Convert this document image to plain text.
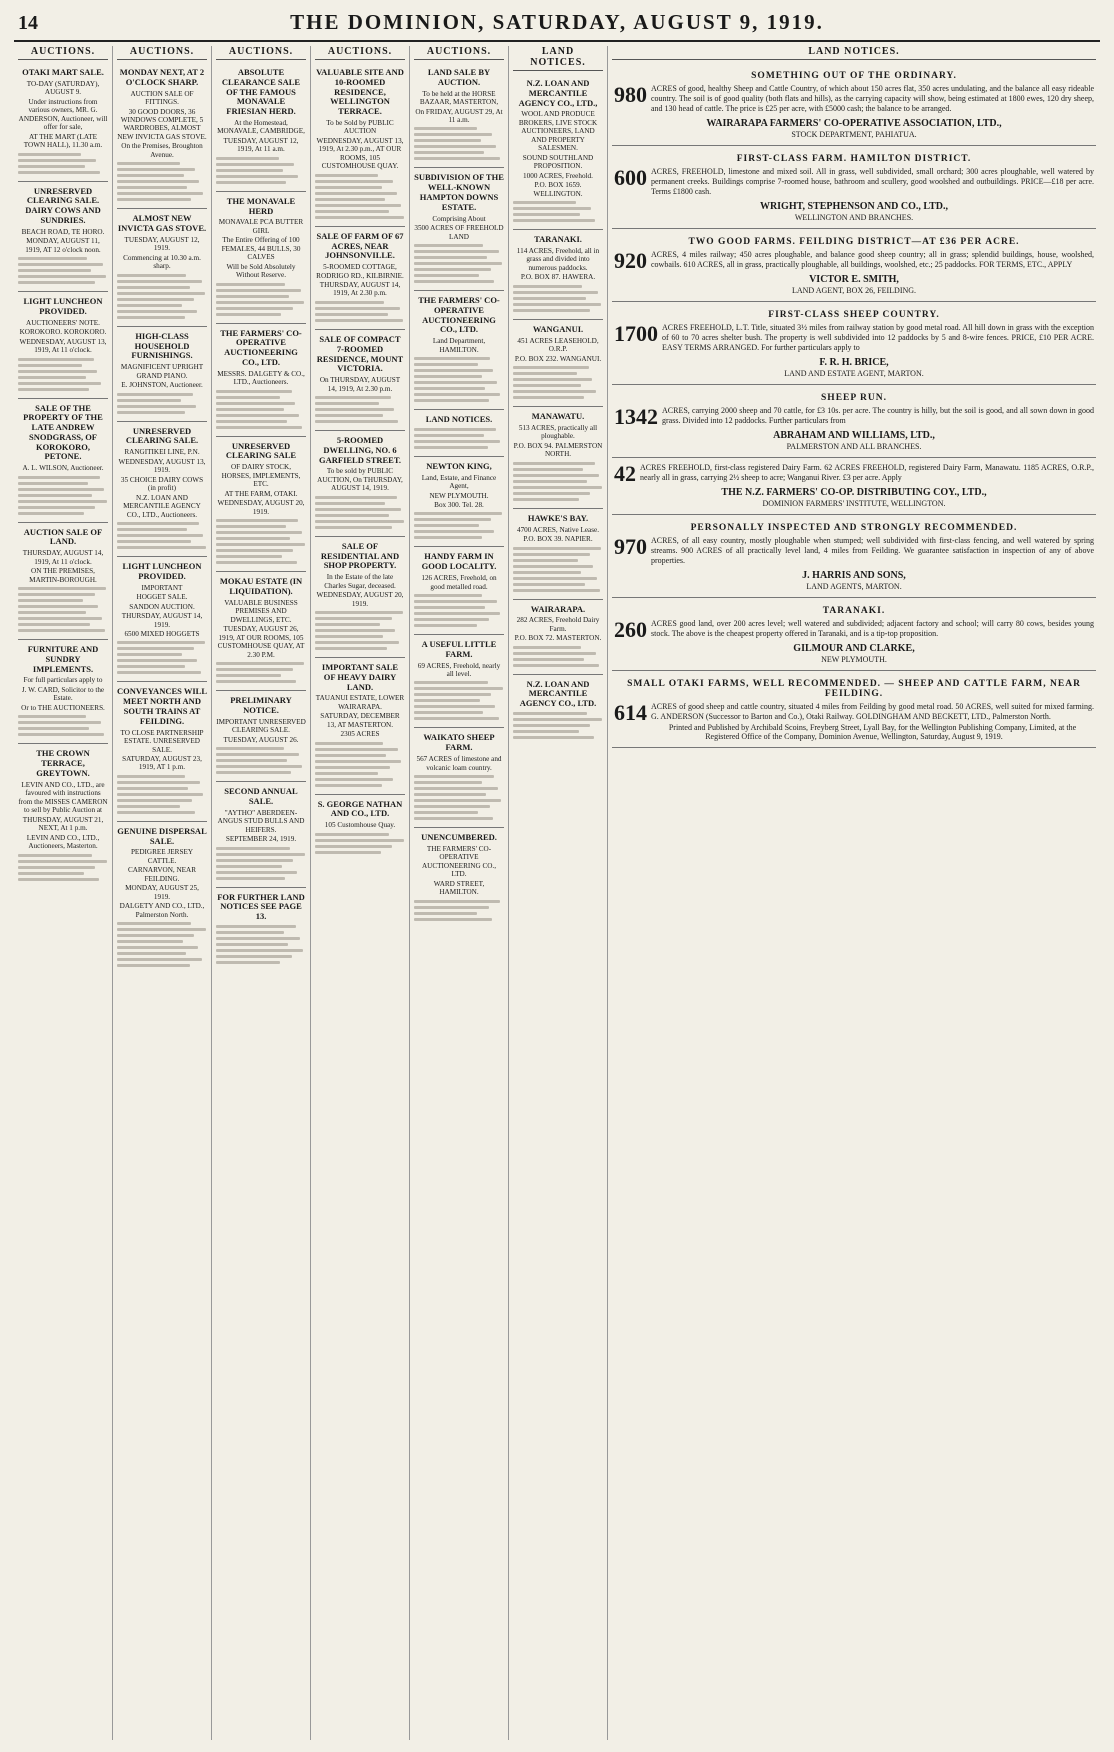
14	THE DOMINION, SATURDAY, AUGUST 9, 1919.
AUCTIONS.
OTAKI MART SALE.
TO-DAY (SATURDAY), AUGUST 9.
Under instructions from various owners, MR. G. ANDERSON, Auctioneer, will offer for sale,
AT THE MART (LATE TOWN HALL), 11.30 a.m.
UNRESERVED CLEARING SALE. DAIRY COWS AND SUNDRIES.
BEACH ROAD, TE HORO.
MONDAY, AUGUST 11, 1919, AT 12 o'clock noon.
LIGHT LUNCHEON PROVIDED.
AUCTIONEERS' NOTE.
KOROKORO. KOROKORO.
WEDNESDAY, AUGUST 13, 1919, At 11 o'clock.
SALE OF THE PROPERTY OF THE LATE ANDREW SNODGRASS, OF KOROKORO, PETONE.
A. L. WILSON, Auctioneer.
AUCTION SALE OF LAND.
THURSDAY, AUGUST 14, 1919, At 11 o'clock.
ON THE PREMISES, MARTIN-BOROUGH.
FURNITURE AND SUNDRY IMPLEMENTS.
For full particulars apply to
J. W. CARD, Solicitor to the Estate.
Or to THE AUCTIONEERS.
THE CROWN TERRACE, GREYTOWN.
LEVIN AND CO., LTD., are favoured with instructions from the MISSES CAMERON to sell by Public Auction at
THURSDAY, AUGUST 21, NEXT, At 1 p.m.
LEVIN AND CO., LTD., Auctioneers, Masterton.
AUCTIONS.
MONDAY NEXT, AT 2 O'CLOCK SHARP.
AUCTION SALE OF FITTINGS.
30 GOOD DOORS, 36 WINDOWS COMPLETE, 5 WARDROBES, ALMOST NEW INVICTA GAS STOVE.
On the Premises, Broughton Avenue.
ALMOST NEW INVICTA GAS STOVE.
TUESDAY, AUGUST 12, 1919.
Commencing at 10.30 a.m. sharp.
HIGH-CLASS HOUSEHOLD FURNISHINGS.
MAGNIFICENT UPRIGHT GRAND PIANO.
E. JOHNSTON, Auctioneer.
UNRESERVED CLEARING SALE.
RANGITIKEI LINE, P.N.
WEDNESDAY, AUGUST 13, 1919.
35 CHOICE DAIRY COWS (in profit)
N.Z. LOAN AND MERCANTILE AGENCY CO., LTD., Auctioneers.
LIGHT LUNCHEON PROVIDED.
IMPORTANT
HOGGET SALE.
SANDON AUCTION.
THURSDAY, AUGUST 14, 1919.
6500 MIXED HOGGETS
CONVEYANCES WILL MEET NORTH AND SOUTH TRAINS AT FEILDING.
TO CLOSE PARTNERSHIP ESTATE. UNRESERVED SALE.
SATURDAY, AUGUST 23, 1919, AT 1 p.m.
GENUINE DISPERSAL SALE.
PEDIGREE JERSEY CATTLE.
CARNARVON, NEAR FEILDING.
MONDAY, AUGUST 25, 1919.
DALGETY AND CO., LTD., Palmerston North.
AUCTIONS.
ABSOLUTE CLEARANCE SALE OF THE FAMOUS MONAVALE FRIESIAN HERD.
At the Homestead, MONAVALE, CAMBRIDGE,
TUESDAY, AUGUST 12, 1919, At 11 a.m.
THE MONAVALE HERD
MONAVALE PCA BUTTER GIRL
The Entire Offering of 100 FEMALES, 44 BULLS, 30 CALVES
Will be Sold Absolutely Without Reserve.
THE FARMERS' CO-OPERATIVE AUCTIONEERING CO., LTD.
MESSRS. DALGETY & CO., LTD., Auctioneers.
UNRESERVED CLEARING SALE
OF DAIRY STOCK, HORSES, IMPLEMENTS, ETC.
AT THE FARM, OTAKI.
WEDNESDAY, AUGUST 20, 1919.
MOKAU ESTATE (IN LIQUIDATION).
VALUABLE BUSINESS PREMISES AND DWELLINGS, ETC.
TUESDAY, AUGUST 26, 1919, AT OUR ROOMS, 105 CUSTOMHOUSE QUAY, AT 2.30 P.M.
PRELIMINARY NOTICE.
IMPORTANT UNRESERVED CLEARING SALE.
TUESDAY, AUGUST 26.
SECOND ANNUAL SALE.
"AYTHO" ABERDEEN-ANGUS STUD BULLS AND HEIFERS.
SEPTEMBER 24, 1919.
FOR FURTHER LAND NOTICES SEE PAGE 13.
AUCTIONS.
VALUABLE SITE AND 10-ROOMED RESIDENCE, WELLINGTON TERRACE.
To be Sold by PUBLIC AUCTION
WEDNESDAY, AUGUST 13, 1919, At 2.30 p.m., AT OUR ROOMS, 105 CUSTOMHOUSE QUAY.
SALE OF FARM OF 67 ACRES, NEAR JOHNSONVILLE.
5-ROOMED COTTAGE, RODRIGO RD., KILBIRNIE.
THURSDAY, AUGUST 14, 1919, At 2.30 p.m.
SALE OF COMPACT 7-ROOMED RESIDENCE, MOUNT VICTORIA.
On THURSDAY, AUGUST 14, 1919, At 2.30 p.m.
5-ROOMED DWELLING, NO. 6 GARFIELD STREET.
To be sold by PUBLIC AUCTION, On THURSDAY, AUGUST 14, 1919.
SALE OF RESIDENTIAL AND SHOP PROPERTY.
In the Estate of the late Charles Sugar, deceased.
WEDNESDAY, AUGUST 20, 1919.
IMPORTANT SALE OF HEAVY DAIRY LAND.
TAUANUI ESTATE, LOWER WAIRARAPA.
SATURDAY, DECEMBER 13, AT MASTERTON.
2305 ACRES
S. GEORGE NATHAN AND CO., LTD.
105 Customhouse Quay.
AUCTIONS.
LAND SALE BY AUCTION.
To be held at the HORSE BAZAAR, MASTERTON,
On FRIDAY, AUGUST 29, At 11 a.m.
SUBDIVISION OF THE WELL-KNOWN HAMPTON DOWNS ESTATE.
Comprising About
3500 ACRES OF FREEHOLD LAND
THE FARMERS' CO-OPERATIVE AUCTIONEERING CO., LTD.
Land Department, HAMILTON.
LAND NOTICES.
NEWTON KING,
Land, Estate, and Finance Agent,
NEW PLYMOUTH.
Box 300. Tel. 28.
HANDY FARM IN GOOD LOCALITY.
126 ACRES, Freehold, on good metalled road.
A USEFUL LITTLE FARM.
69 ACRES, Freehold, nearly all level.
WAIKATO SHEEP FARM.
567 ACRES of limestone and volcanic loam country.
UNENCUMBERED.
THE FARMERS' CO-OPERATIVE AUCTIONEERING CO., LTD.
WARD STREET, HAMILTON.
LAND NOTICES.
N.Z. LOAN AND MERCANTILE AGENCY CO., LTD.,
WOOL AND PRODUCE BROKERS, LIVE STOCK AUCTIONEERS, LAND AND PROPERTY SALESMEN.
SOUND SOUTHLAND PROPOSITION.
1000 ACRES, Freehold.
P.O. BOX 1659. WELLINGTON.
TARANAKI.
114 ACRES, Freehold, all in grass and divided into numerous paddocks.
P.O. BOX 87. HAWERA.
WANGANUI.
451 ACRES LEASEHOLD, O.R.P.
P.O. BOX 232. WANGANUI.
MANAWATU.
513 ACRES, practically all ploughable.
P.O. BOX 94. PALMERSTON NORTH.
HAWKE'S BAY.
4700 ACRES, Native Lease.
P.O. BOX 39. NAPIER.
WAIRARAPA.
282 ACRES, Freehold Dairy Farm.
P.O. BOX 72. MASTERTON.
N.Z. LOAN AND MERCANTILE AGENCY CO., LTD.
LAND NOTICES.
SOMETHING OUT OF THE ORDINARY.
980 ACRES of good, healthy Sheep and Cattle Country, of which about 150 acres flat, 350 acres undulating, and the balance all easy rideable country. The soil is of good quality (both flats and hills), as the carrying capacity will show, being estimated at 1800 ewes, 120 dry sheep, and 130 head of cattle. The price is £25 per acre, with £5000 cash; the balance to be arranged.
WAIRARAPA FARMERS' CO-OPERATIVE ASSOCIATION, LTD.,
STOCK DEPARTMENT, PAHIATUA.
FIRST-CLASS FARM. HAMILTON DISTRICT.
600 ACRES, FREEHOLD, limestone and mixed soil. All in grass, well subdivided, small orchard; 300 acres ploughable, well watered by permanent creeks. Buildings comprise 7-roomed house, bathroom and scullery, good woolshed and outbuildings. PRICE—£18 per acre. Terms £1800 cash.
WRIGHT, STEPHENSON AND CO., LTD.,
WELLINGTON AND BRANCHES.
TWO GOOD FARMS. FEILDING DISTRICT—AT £36 PER ACRE.
920 ACRES, 4 miles railway; 450 acres ploughable, and balance good sheep country; all in grass; splendid buildings, house, woolshed, cowbails. 610 ACRES, all in grass, practically ploughable, all buildings, woolshed, etc.; 25 paddocks. FOR TERMS, ETC., APPLY
VICTOR E. SMITH,
LAND AGENT, BOX 26, FEILDING.
FIRST-CLASS SHEEP COUNTRY.
1700 ACRES FREEHOLD, L.T. Title, situated 3½ miles from railway station by good metal road. All hill down in grass with the exception of 60 to 70 acres shelter bush. The property is well subdivided into 12 paddocks by 5 and 8-wire fences. PRICE, £10 PER ACRE. EASY TERMS ARRANGED. For further particulars apply to
F. R. H. BRICE,
LAND AND ESTATE AGENT, MARTON.
SHEEP RUN.
1342 ACRES, carrying 2000 sheep and 70 cattle, for £3 10s. per acre. The country is hilly, but the soil is good, and all sown down in good grass. Divided into 12 paddocks. Further particulars from
ABRAHAM AND WILLIAMS, LTD.,
PALMERSTON AND ALL BRANCHES.
42 ACRES FREEHOLD, first-class registered Dairy Farm. 62 ACRES FREEHOLD, registered Dairy Farm, Manawatu. 1185 ACRES, O.R.P., nearly all in grass, carrying 2½ sheep to acre; Wanganui River. £3 per acre. Apply
THE N.Z. FARMERS' CO-OP. DISTRIBUTING COY., LTD.,
DOMINION FARMERS' INSTITUTE, WELLINGTON.
PERSONALLY INSPECTED AND STRONGLY RECOMMENDED.
970 ACRES, of all easy country, mostly ploughable when stumped; well subdivided with first-class fencing, and well watered by spring streams. 900 ACRES of all practically level land, 4 miles from Feilding. We guarantee satisfaction in inspection of any of above properties.
J. HARRIS AND SONS,
LAND AGENTS, MARTON.
TARANAKI.
260 ACRES good land, over 200 acres level; well watered and subdivided; adjacent factory and school; will carry 80 cows, besides young stock. The above is the cheapest property offered in Taranaki, and is a tip-top proposition.
GILMOUR AND CLARKE,
NEW PLYMOUTH.
SMALL OTAKI FARMS, WELL RECOMMENDED. — SHEEP AND CATTLE FARM, NEAR FEILDING.
614 ACRES of good sheep and cattle country, situated 4 miles from Feilding by good metal road. 50 ACRES, well suited for mixed farming. G. ANDERSON (Successor to Barton and Co.), Otaki Railway. GOLDINGHAM AND BECKETT, LTD., Palmerston North.
Printed and Published by Archibald Scoins, Freyberg Street, Lyall Bay, for the Wellington Publishing Company, Limited, at the Registered Office of the Company, Dominion Avenue, Wellington, Saturday, August 9, 1919.
